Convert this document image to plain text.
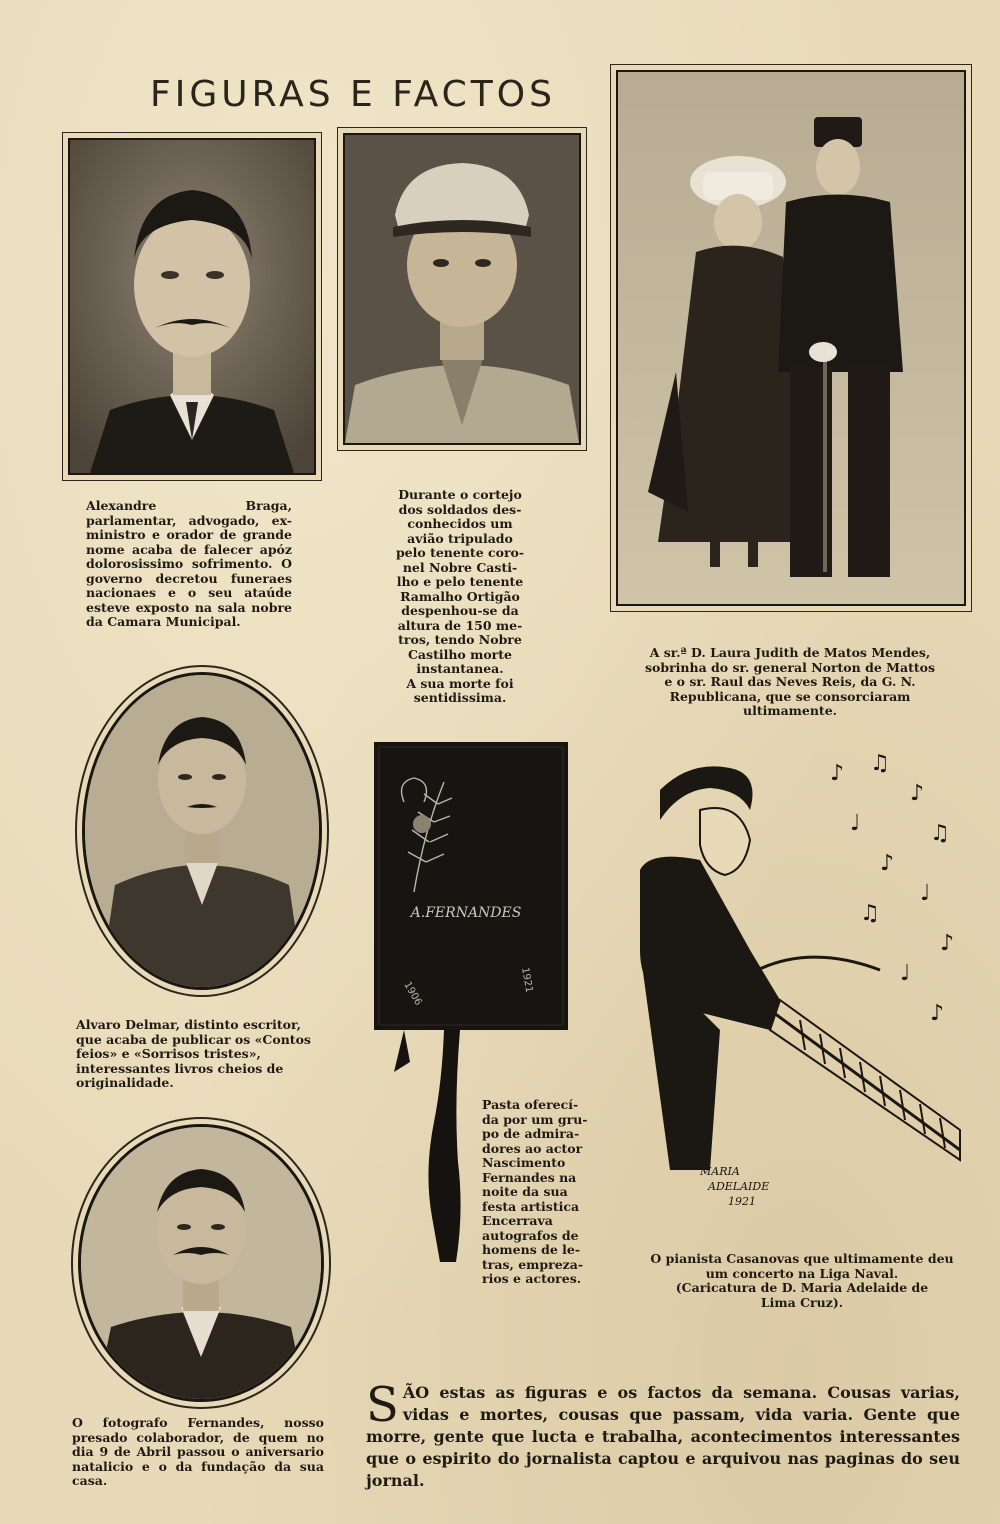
FIGURAS E FACTOS

Alexandre Braga, parlamentar, advogado, ex-ministro e orador de grande nome acaba de falecer apóz dolorosissimo sofrimento. O governo decretou funeraes nacionaes e o seu ataúde esteve exposto na sala nobre da Camara Municipal.

Durante o cortejo
dos soldados des-
conhecidos um
avião tripulado
pelo tenente coro-
nel Nobre Casti-
lho e pelo tenente
Ramalho Ortigão
despenhou-se da
altura de 150 me-
tros, tendo Nobre
Castilho morte
instantanea.
A sua morte foi
sentidissima.

A sr.ª D. Laura Judith de Matos Mendes, sobrinha do sr. general Norton de Mattos e o sr. Raul das Neves Reis, da G. N. Republicana, que se consorciaram ultimamente.

Alvaro Delmar, distinto escritor, que acaba de publicar os «Contos feios» e «Sorrisos tristes», interessantes livros cheios de originalidade.

A.FERNANDES
1906	1921
Pasta oferecí-
da por um gru-
po de admira-
dores ao actor
Nascimento
Fernandes na
noite da sua
festa artistica
Encerrava
autografos de
homens de le-
tras, empreza-
rios e actores.
♪ ♫
♪
♩	♫
♪
♩
♫
♪
♩
♪
MARIA
ADELAIDE
1921
O pianista Casanovas que ultimamente deu
um concerto na Liga Naval.
(Caricatura de D. Maria Adelaide de
Lima Cruz).

O fotografo Fernandes, nosso presado colaborador, de quem no dia 9 de Abril passou o aniversario natalicio e o da fundação da sua casa.

SÃO estas as figuras e os factos da semana. Cousas varias, vidas e mortes, cousas que passam, vida varia. Gente que morre, gente que lucta e trabalha, acontecimentos interessantes que o espirito do jornalista captou e arquivou nas paginas do seu jornal.
